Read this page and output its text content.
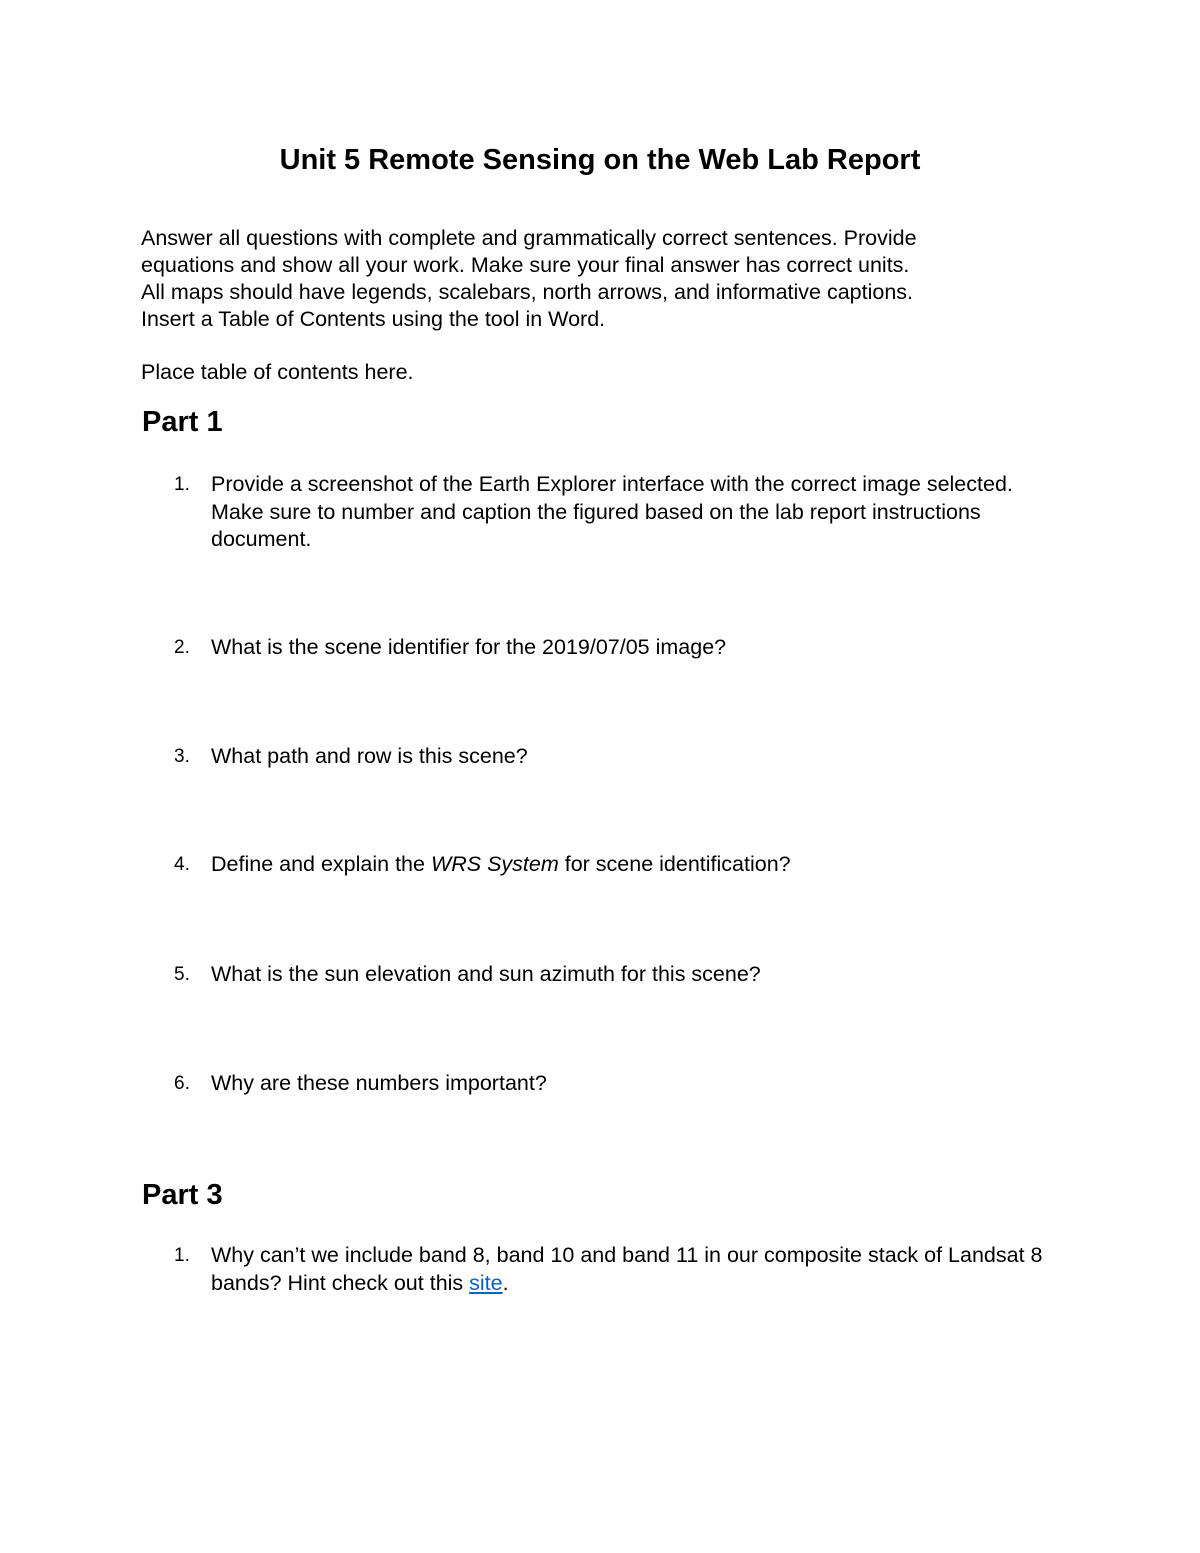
Unit 5 Remote Sensing on the Web Lab Report

Answer all questions with complete and grammatically correct sentences. Provide

equations and show all your work. Make sure your final answer has correct units.

All maps should have legends, scalebars, north arrows, and informative captions.

Insert a Table of Contents using the tool in Word.

Place table of contents here.

Part 1
1. Provide a screenshot of the Earth Explorer interface with the correct image selected. Make sure to number and caption the figured based on the lab report instructions document.
2. What is the scene identifier for the 2019/07/05 image?
3. What path and row is this scene?
4. Define and explain the WRS System for scene identification?
5. What is the sun elevation and sun azimuth for this scene?
6. Why are these numbers important?
Part 3
1. Why can’t we include band 8, band 10 and band 11 in our composite stack of Landsat 8 bands? Hint check out this site.
